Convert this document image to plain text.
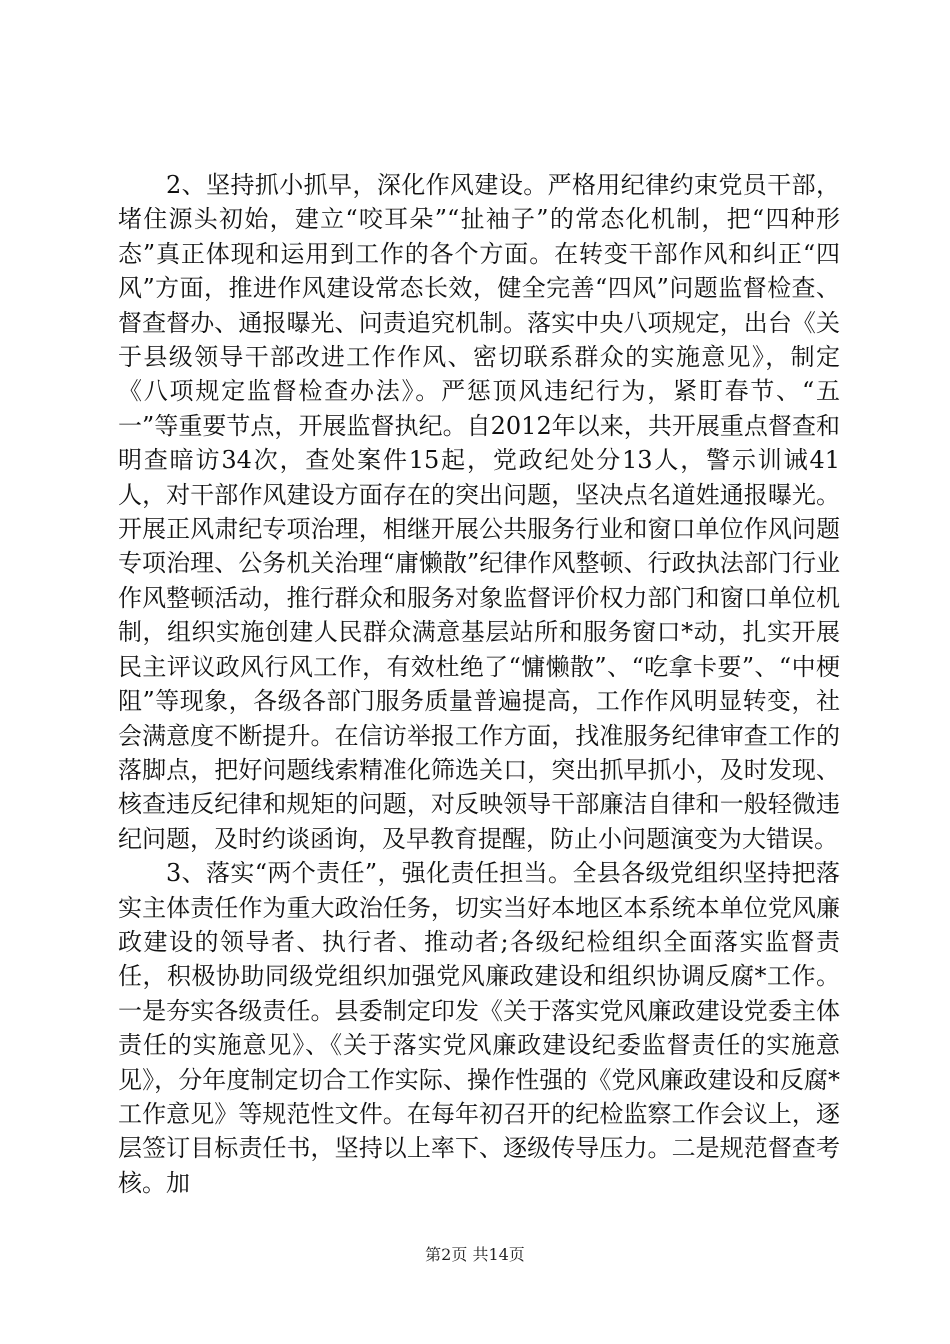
2、坚持抓小抓早，深化作风建设。严格用纪律约束党员干部，堵住源头初始，建立“咬耳朵”“扯袖子”的常态化机制，把“四种形态”真正体现和运用到工作的各个方面。在转变干部作风和纠正“四风”方面，推进作风建设常态长效，健全完善“四风”问题监督检查、督查督办、通报曝光、问责追究机制。落实中央八项规定，出台《关于县级领导干部改进工作作风、密切联系群众的实施意见》，制定《八项规定监督检查办法》。严惩顶风违纪行为，紧盯春节、“五一”等重要节点，开展监督执纪。自2012年以来，共开展重点督查和明查暗访34次，查处案件15起，党政纪处分13人，警示训诫41人，对干部作风建设方面存在的突出问题，坚决点名道姓通报曝光。开展正风肃纪专项治理，相继开展公共服务行业和窗口单位作风问题专项治理、公务机关治理“庸懒散”纪律作风整顿、行政执法部门行业作风整顿活动，推行群众和服务对象监督评价权力部门和窗口单位机制，组织实施创建人民群众满意基层站所和服务窗口*动，扎实开展民主评议政风行风工作，有效杜绝了“慵懒散”、“吃拿卡要”、“中梗阻”等现象，各级各部门服务质量普遍提高，工作作风明显转变，社会满意度不断提升。在信访举报工作方面，找准服务纪律审查工作的落脚点，把好问题线索精准化筛选关口，突出抓早抓小，及时发现、核查违反纪律和规矩的问题，对反映领导干部廉洁自律和一般轻微违纪问题，及时约谈函询，及早教育提醒，防止小问题演变为大错误。

3、落实“两个责任”，强化责任担当。全县各级党组织坚持把落实主体责任作为重大政治任务，切实当好本地区本系统本单位党风廉政建设的领导者、执行者、推动者;各级纪检组织全面落实监督责任，积极协助同级党组织加强党风廉政建设和组织协调反腐*工作。一是夯实各级责任。县委制定印发《关于落实党风廉政建设党委主体责任的实施意见》、《关于落实党风廉政建设纪委监督责任的实施意见》，分年度制定切合工作实际、操作性强的《党风廉政建设和反腐*工作意见》等规范性文件。在每年初召开的纪检监察工作会议上，逐层签订目标责任书，坚持以上率下、逐级传导压力。二是规范督查考核。加

第2页 共14页
